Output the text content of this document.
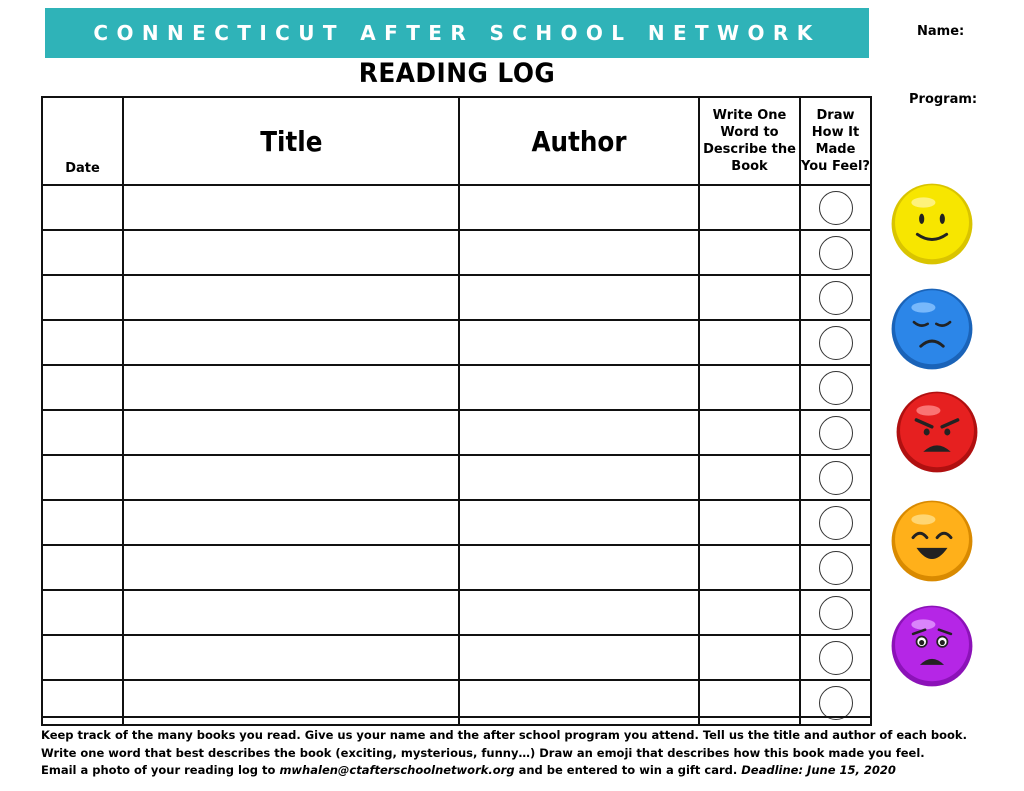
CONNECTICUT AFTER SCHOOL NETWORK	Name:
Program:
READING LOG
Date	Title	Author	Write One Word to Describe the Book	Draw How It Made You Feel?

Keep track of the many books you read. Give us your name and the after school program you attend. Tell us the title and author of each book.
Write one word that best describes the book (exciting, mysterious, funny…) Draw an emoji that describes how this book made you feel.
Email a photo of your reading log to mwhalen@ctafterschoolnetwork.org and be entered to win a gift card. Deadline: June 15, 2020
